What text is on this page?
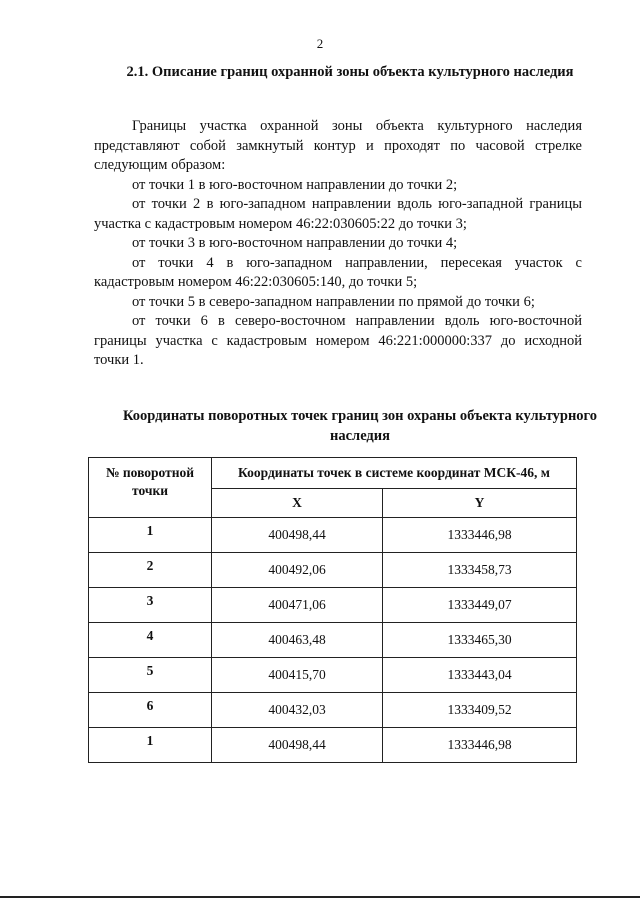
2
2.1. Описание границ охранной зоны объекта культурного наследия

Границы участка охранной зоны объекта культурного наследия представляют собой замкнутый контур и проходят по часовой стрелке следующим образом:

от точки 1 в юго-восточном направлении до точки 2;

от точки 2 в юго-западном направлении вдоль юго-западной границы участка с кадастровым номером 46:22:030605:22 до точки 3;

от точки 3 в юго-восточном направлении до точки 4;

от точки 4 в юго-западном направлении, пересекая участок с кадастровым номером 46:22:030605:140, до точки 5;

от точки 5 в северо-западном направлении по прямой до точки 6;

от точки 6 в северо-восточном направлении вдоль юго-восточной границы участка с кадастровым номером 46:221:000000:337 до исходной точки 1.

Координаты поворотных точек границ зон охраны объекта культурного наследия
№ поворотной точки	Координаты точек в системе координат МСК-46, м	
	X	Y
1	400498,44	1333446,98
2	400492,06	1333458,73
3	400471,06	1333449,07
4	400463,48	1333465,30
5	400415,70	1333443,04
6	400432,03	1333409,52
1	400498,44	1333446,98
